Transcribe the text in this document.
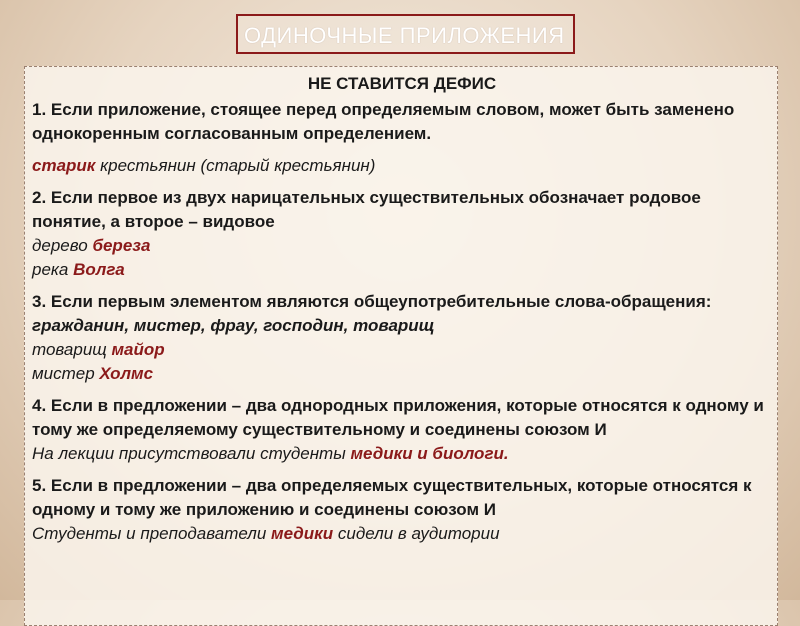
ОДИНОЧНЫЕ ПРИЛОЖЕНИЯ

НЕ СТАВИТСЯ ДЕФИС

1. Если приложение, стоящее перед определяемым словом, может быть заменено однокоренным согласованным определением.

старик крестьянин (старый крестьянин)

2. Если первое из двух нарицательных существительных обозначает родовое понятие, а второе – видовое

дерево береза

река Волга

3. Если первым элементом являются общеупотребительные слова-обращения: гражданин, мистер, фрау, господин, товарищ

товарищ майор

мистер Холмс

4. Если в предложении – два однородных приложения, которые относятся к одному и тому же определяемому существительному и соединены союзом И

На лекции присутствовали студенты медики и биологи.

5. Если в предложении – два определяемых существительных, которые относятся к одному и тому же приложению и соединены союзом И

Студенты и преподаватели медики сидели в аудитории
